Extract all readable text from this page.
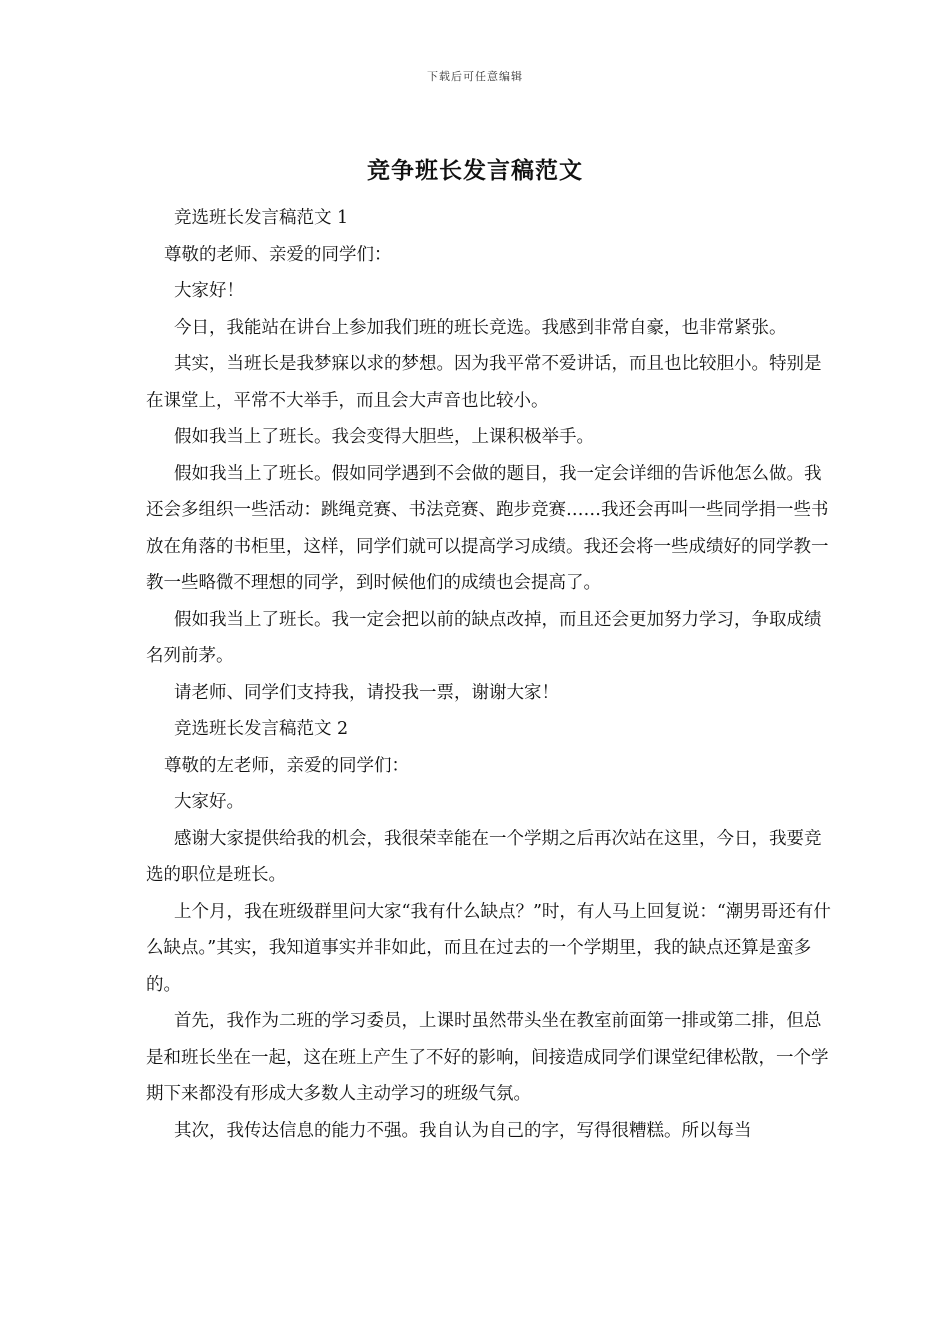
下载后可任意编辑
竞争班长发言稿范文

竞选班长发言稿范文 1

尊敬的老师、亲爱的同学们：

大家好！

今日，我能站在讲台上参加我们班的班长竞选。我感到非常自豪，也非常紧张。

其实，当班长是我梦寐以求的梦想。因为我平常不爱讲话，而且也比较胆小。特别是在课堂上，平常不大举手，而且会大声音也比较小。

假如我当上了班长。我会变得大胆些，上课积极举手。

假如我当上了班长。假如同学遇到不会做的题目，我一定会详细的告诉他怎么做。我还会多组织一些活动：跳绳竞赛、书法竞赛、跑步竞赛……我还会再叫一些同学捐一些书放在角落的书柜里，这样，同学们就可以提高学习成绩。我还会将一些成绩好的同学教一教一些略微不理想的同学，到时候他们的成绩也会提高了。

假如我当上了班长。我一定会把以前的缺点改掉，而且还会更加努力学习，争取成绩名列前茅。

请老师、同学们支持我，请投我一票，谢谢大家！

竞选班长发言稿范文 2

尊敬的左老师，亲爱的同学们：

大家好。

感谢大家提供给我的机会，我很荣幸能在一个学期之后再次站在这里，今日，我要竞选的职位是班长。

上个月，我在班级群里问大家“我有什么缺点？”时，有人马上回复说：“潮男哥还有什么缺点。”其实，我知道事实并非如此，而且在过去的一个学期里，我的缺点还算是蛮多的。

首先，我作为二班的学习委员，上课时虽然带头坐在教室前面第一排或第二排，但总是和班长坐在一起，这在班上产生了不好的影响，间接造成同学们课堂纪律松散，一个学期下来都没有形成大多数人主动学习的班级气氛。

其次，我传达信息的能力不强。我自认为自己的字，写得很糟糕。所以每当
